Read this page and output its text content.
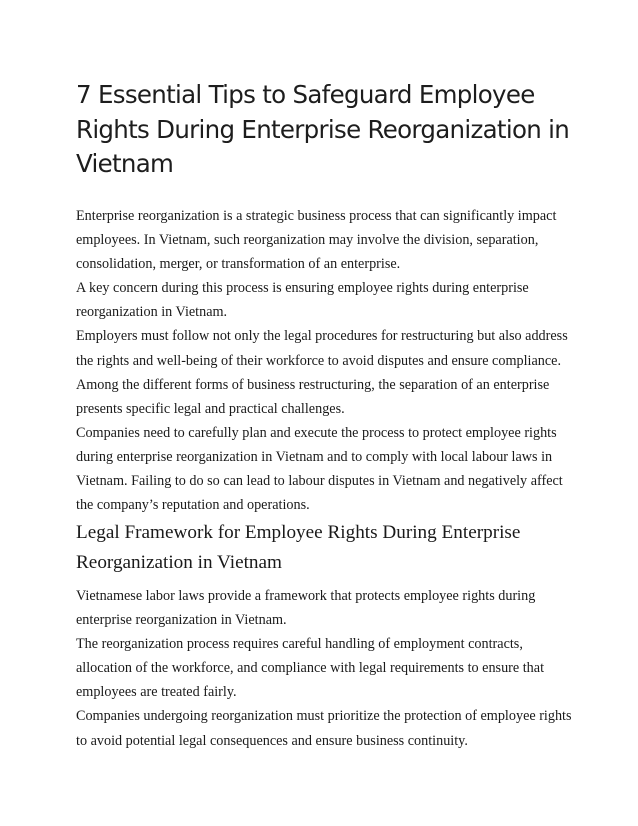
7 Essential Tips to Safeguard Employee Rights During Enterprise Reorganization in Vietnam

Enterprise reorganization is a strategic business process that can significantly impact employees. In Vietnam, such reorganization may involve the division, separation, consolidation, merger, or transformation of an enterprise.

A key concern during this process is ensuring employee rights during enterprise reorganization in Vietnam.

Employers must follow not only the legal procedures for restructuring but also address the rights and well-being of their workforce to avoid disputes and ensure compliance.

Among the different forms of business restructuring, the separation of an enterprise presents specific legal and practical challenges.

Companies need to carefully plan and execute the process to protect employee rights during enterprise reorganization in Vietnam and to comply with local labour laws in Vietnam. Failing to do so can lead to labour disputes in Vietnam and negatively affect the company’s reputation and operations.

Legal Framework for Employee Rights During Enterprise Reorganization in Vietnam

Vietnamese labor laws provide a framework that protects employee rights during enterprise reorganization in Vietnam.

The reorganization process requires careful handling of employment contracts, allocation of the workforce, and compliance with legal requirements to ensure that employees are treated fairly.

Companies undergoing reorganization must prioritize the protection of employee rights to avoid potential legal consequences and ensure business continuity.
